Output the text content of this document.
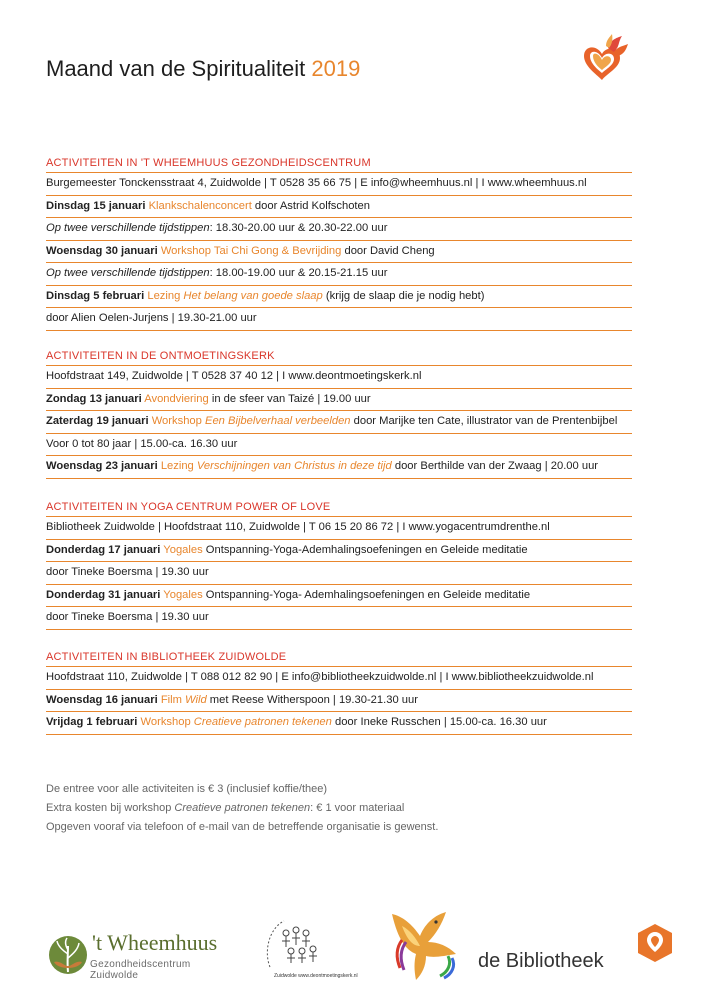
Maand van de Spiritualiteit 2019
ACTIVITEITEN IN 'T WHEEMHUUS GEZONDHEIDSCENTRUM
Burgemeester Tonckensstraat 4, Zuidwolde | T 0528 35 66 75 | E info@wheemhuus.nl | I www.wheemhuus.nl
Dinsdag 15 januari Klankschalenconcert door Astrid Kolfschoten
Op twee verschillende tijdstippen: 18.30-20.00 uur & 20.30-22.00 uur
Woensdag 30 januari Workshop Tai Chi Gong & Bevrijding door David Cheng
Op twee verschillende tijdstippen: 18.00-19.00 uur & 20.15-21.15 uur
Dinsdag 5 februari Lezing Het belang van goede slaap (krijg de slaap die je nodig hebt)
door Alien Oelen-Jurjens | 19.30-21.00 uur
ACTIVITEITEN IN DE ONTMOETINGSKERK
Hoofdstraat 149, Zuidwolde | T 0528 37 40 12 | I www.deontmoetingskerk.nl
Zondag 13 januari Avondviering in de sfeer van Taizé | 19.00 uur
Zaterdag 19 januari Workshop Een Bijbelverhaal verbeelden door Marijke ten Cate, illustrator van de Prentenbijbel
Voor 0 tot 80 jaar | 15.00-ca. 16.30 uur
Woensdag 23 januari Lezing Verschijningen van Christus in deze tijd door Berthilde van der Zwaag | 20.00 uur
ACTIVITEITEN IN YOGA CENTRUM POWER OF LOVE
Bibliotheek Zuidwolde | Hoofdstraat 110, Zuidwolde | T 06 15 20 86 72 | I www.yogacentrumdrenthe.nl
Donderdag 17 januari Yogales Ontspanning-Yoga-Ademhalingsoefeningen en Geleide meditatie
door Tineke Boersma | 19.30 uur
Donderdag 31 januari Yogales Ontspanning-Yoga- Ademhalingsoefeningen en Geleide meditatie
door Tineke Boersma | 19.30 uur
ACTIVITEITEN IN BIBLIOTHEEK ZUIDWOLDE
Hoofdstraat 110, Zuidwolde | T 088 012 82 90 | E info@bibliotheekzuidwolde.nl | I www.bibliotheekzuidwolde.nl
Woensdag 16 januari Film Wild met Reese Witherspoon | 19.30-21.30 uur
Vrijdag 1 februari Workshop Creatieve patronen tekenen door Ineke Russchen | 15.00-ca. 16.30 uur
De entree voor alle activiteiten is € 3 (inclusief koffie/thee)
Extra kosten bij workshop Creatieve patronen tekenen: € 1 voor materiaal
Opgeven vooraf via telefoon of e-mail van de betreffende organisatie is gewenst.
't Wheemhuus
Gezondheidscentrum Zuidwolde	Zuidwolde www.deontmoetingskerk.nl
de Bibliotheek
